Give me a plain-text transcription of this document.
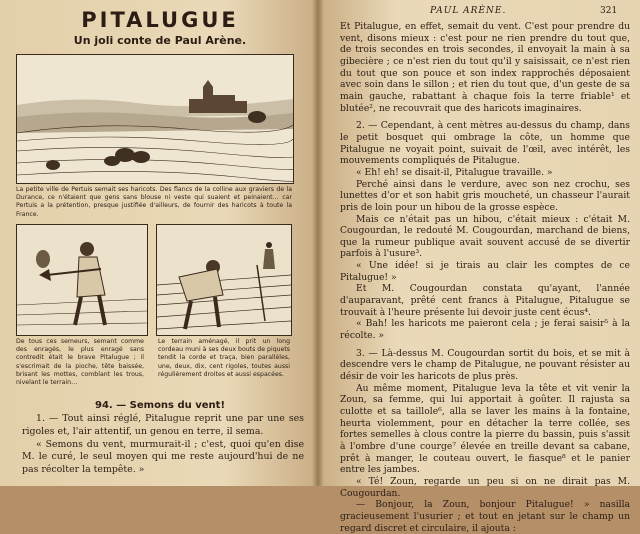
PITALUGUE
Un joli conte de Paul Arène.
La petite ville de Pertuis semait ses haricots. Des flancs de la colline aux graviers de la Durance, ce n'étaient que gens sans blouse ni veste qui suaient et peinaient… car Pertuis a la prétention, presque justifiée d'ailleurs, de fournir des haricots à toute la France.
De tous ces semeurs, semant comme des enragés, le plus enragé sans contredit était le brave Pitalugue ; il s'escrimait de la pioche, tête baissée, brisant les mottes, comblant les trous, nivelant le terrain…
Le terrain aménagé, il prit un long cordeau muni à ses deux bouts de piquets tendit la corde et traça, bien parallèles, une, deux, dix, cent rigoles, toutes aussi régulièrement droites et aussi espacées.
94. — Semons du vent!

1. — Tout ainsi réglé, Pitalugue reprit une par une ses rigoles et, l'air attentif, un genou en terre, il sema.

« Semons du vent, murmurait-il ; c'est, quoi qu'en dise M. le curé, le seul moyen qui me reste aujourd'hui de ne pas récolter la tempête. »

PAUL ARÈNE.	321

Et Pitalugue, en effet, semait du vent. C'est pour prendre du vent, disons mieux : c'est pour ne rien prendre du tout que, de trois secondes en trois secondes, il envoyait la main à sa gibecière ; ce n'est rien du tout qu'il y saisissait, ce n'est rien du tout que son pouce et son index rapprochés déposaient avec soin dans le sillon ; et rien du tout que, d'un geste de sa main gauche, rabattant à chaque fois la terre friable¹ et blutée², ne recouvrait que des haricots imaginaires.

2. — Cependant, à cent mètres au-dessus du champ, dans le petit bosquet qui ombrage la côte, un homme que Pitalugue ne voyait point, suivait de l'œil, avec intérêt, les mouvements compliqués de Pitalugue.

« Eh! eh! se disait-il, Pitalugue travaille. »

Perché ainsi dans le verdure, avec son nez crochu, ses lunettes d'or et son habit gris moucheté, un chasseur l'aurait pris de loin pour un hibou de la grosse espèce.

Mais ce n'était pas un hibou, c'était mieux : c'était M. Cougourdan, le redouté M. Cougourdan, marchand de biens, que la rumeur publique avait souvent accusé de se divertir parfois à l'usure³.

« Une idée! si je tirais au clair les comptes de ce Pitalugue! »

Et M. Cougourdan constata qu'ayant, l'année d'auparavant, prêté cent francs à Pitalugue, Pitalugue se trouvait à l'heure présente lui devoir juste cent écus⁴.

« Bah! les haricots me paieront cela ; je ferai saisir⁵ à la récolte. »

3. — Là-dessus M. Cougourdan sortit du bois, et se mit à descendre vers le champ de Pitalugue, ne pouvant résister au désir de voir les haricots de plus près.

Au même moment, Pitalugue leva la tête et vit venir la Zoun, sa femme, qui lui apportait à goûter. Il rajusta sa culotte et sa taillole⁶, alla se laver les mains à la fontaine, heurta violemment, pour en détacher la terre collée, ses fortes semelles à clous contre la pierre du bassin, puis s'assit à l'ombre d'une courge⁷ élevée en treille devant sa cabane, prêt à manger, le couteau ouvert, le fiasque⁸ et le panier entre les jambes.

« Té! Zoun, regarde un peu si on ne dirait pas M. Cougourdan.

— Bonjour, la Zoun, bonjour Pitalugue! » nasilla gracieusement l'usurier ; et tout en jetant sur le champ un regard discret et circulaire, il ajouta :
